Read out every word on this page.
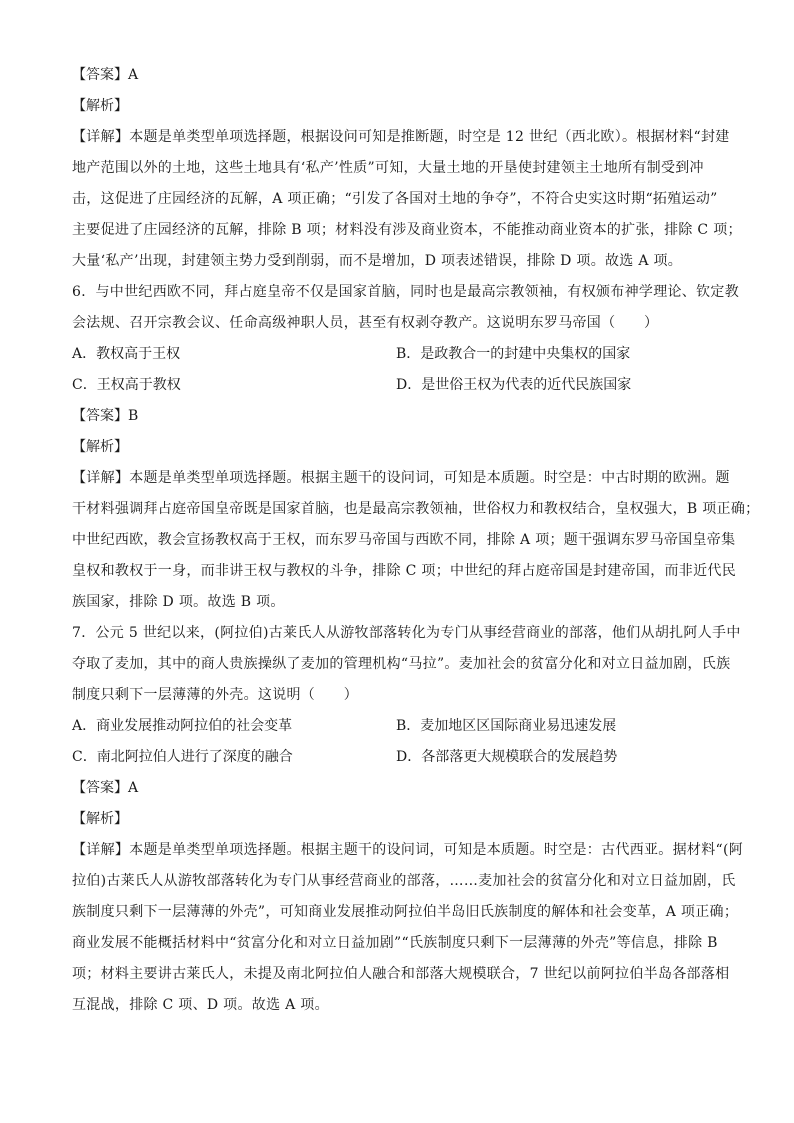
【答案】A
【解析】
【详解】本题是单类型单项选择题，根据设问可知是推断题，时空是 12 世纪（西北欧）。根据材料“封建
地产范围以外的土地，这些土地具有‘私产’性质”可知，大量土地的开垦使封建领主土地所有制受到冲
击，这促进了庄园经济的瓦解，A 项正确；“引发了各国对土地的争夺”，不符合史实这时期“拓殖运动”
主要促进了庄园经济的瓦解，排除 B 项；材料没有涉及商业资本，不能推动商业资本的扩张，排除 C 项；
大量‘私产’出现，封建领主势力受到削弱，而不是增加，D 项表述错误，排除 D 项。故选 A 项。
6．与中世纪西欧不同，拜占庭皇帝不仅是国家首脑，同时也是最高宗教领袖，有权颁布神学理论、钦定教
会法规、召开宗教会议、任命高级神职人员，甚至有权剥夺教产。这说明东罗马帝国（　　）
A．教权高于王权	B．是政教合一的封建中央集权的国家
C．王权高于教权	D．是世俗王权为代表的近代民族国家
【答案】B
【解析】
【详解】本题是单类型单项选择题。根据主题干的设问词，可知是本质题。时空是：中古时期的欧洲。题
干材料强调拜占庭帝国皇帝既是国家首脑，也是最高宗教领袖，世俗权力和教权结合，皇权强大，B 项正确；
中世纪西欧，教会宣扬教权高于王权，而东罗马帝国与西欧不同，排除 A 项；题干强调东罗马帝国皇帝集
皇权和教权于一身，而非讲王权与教权的斗争，排除 C 项；中世纪的拜占庭帝国是封建帝国，而非近代民
族国家，排除 D 项。故选 B 项。
7．公元 5 世纪以来，(阿拉伯)古莱氏人从游牧部落转化为专门从事经营商业的部落，他们从胡扎阿人手中
夺取了麦加，其中的商人贵族操纵了麦加的管理机构“马拉”。麦加社会的贫富分化和对立日益加剧，氏族
制度只剩下一层薄薄的外壳。这说明（　　）
A．商业发展推动阿拉伯的社会变革	B．麦加地区区国际商业易迅速发展
C．南北阿拉伯人进行了深度的融合	D．各部落更大规模联合的发展趋势
【答案】A
【解析】
【详解】本题是单类型单项选择题。根据主题干的设问词，可知是本质题。时空是：古代西亚。据材料“(阿
拉伯)古莱氏人从游牧部落转化为专门从事经营商业的部落，……麦加社会的贫富分化和对立日益加剧，氏
族制度只剩下一层薄薄的外壳”，可知商业发展推动阿拉伯半岛旧氏族制度的解体和社会变革，A 项正确；
商业发展不能概括材料中“贫富分化和对立日益加剧”“氏族制度只剩下一层薄薄的外壳”等信息，排除 B
项；材料主要讲古莱氏人，未提及南北阿拉伯人融合和部落大规模联合，7 世纪以前阿拉伯半岛各部落相
互混战，排除 C 项、D 项。故选 A 项。
